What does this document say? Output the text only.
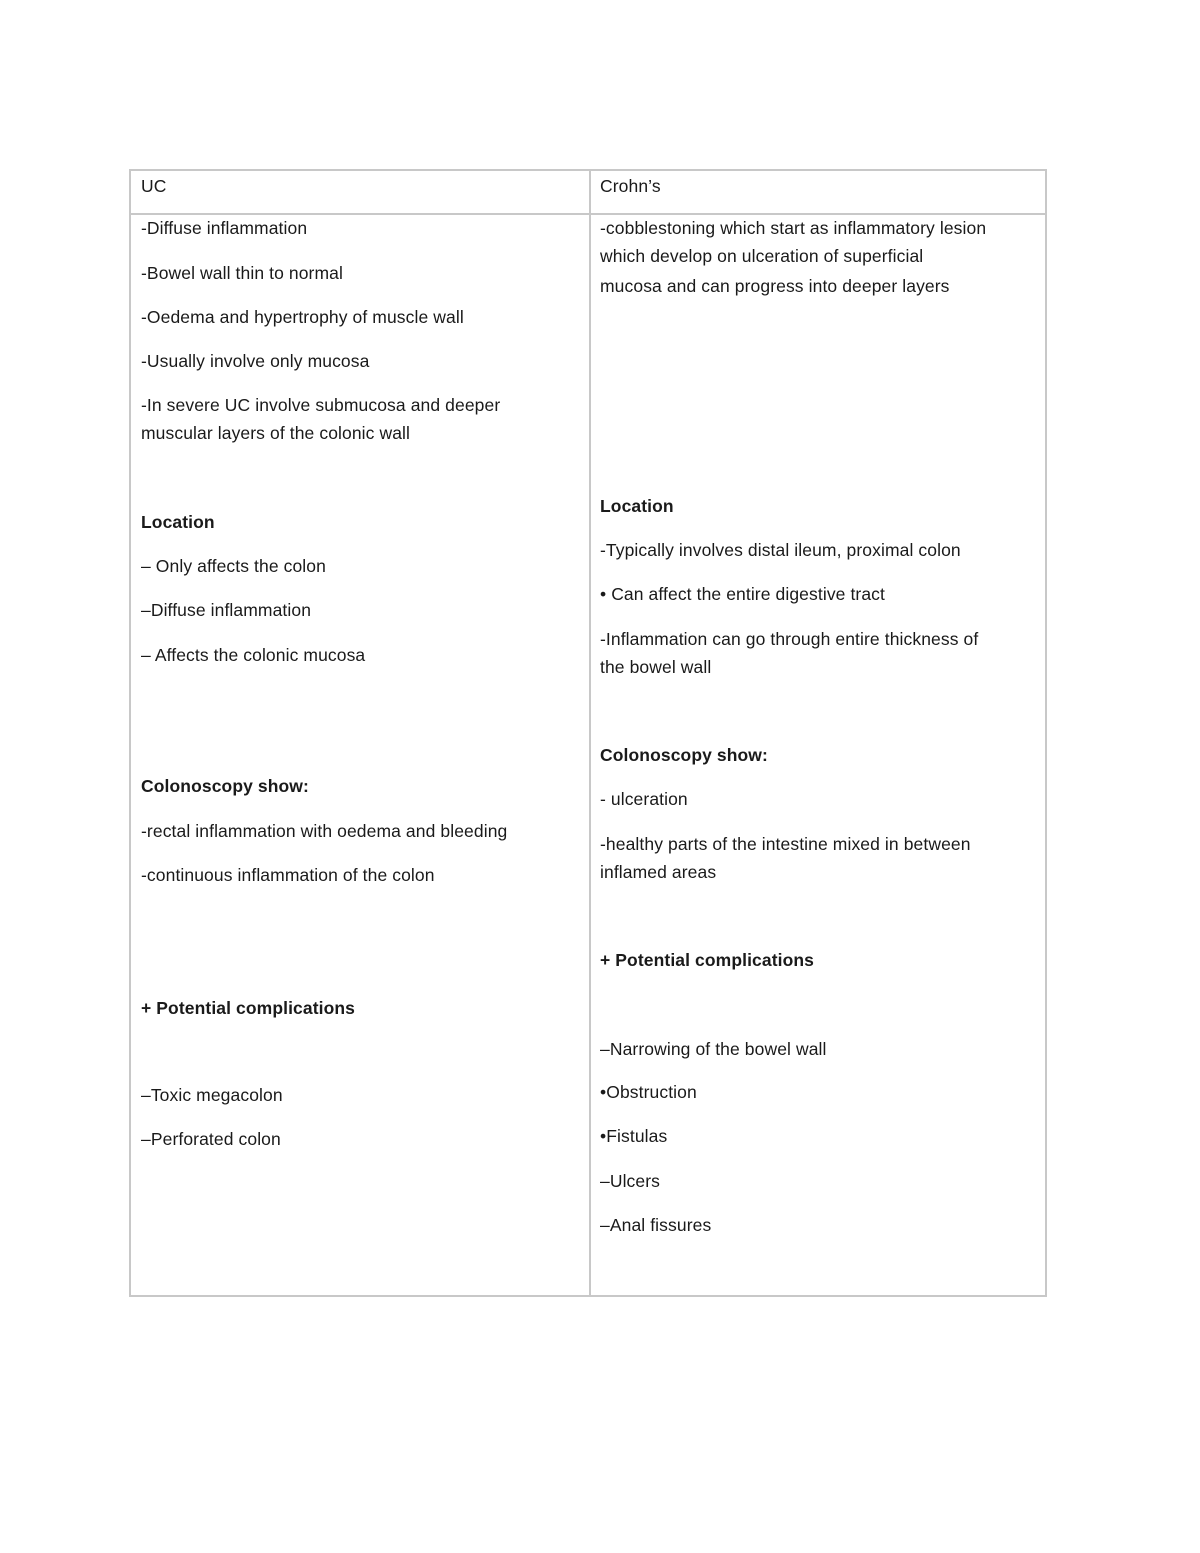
UC	Crohn’s
-Diffuse inflammation
-Bowel wall thin to normal
-Oedema and hypertrophy of muscle wall
-Usually involve only mucosa
-In severe UC involve submucosa and deeper
muscular layers of the colonic wall
Location
– Only affects the colon
–Diffuse inflammation
– Affects the colonic mucosa
Colonoscopy show:
-rectal inflammation with oedema and bleeding
-continuous inflammation of the colon
+ Potential complications
–Toxic megacolon
–Perforated colon
-cobblestoning which start as inflammatory lesion
which develop on ulceration of superficial
mucosa and can progress into deeper layers
Location
-Typically involves distal ileum, proximal colon
• Can affect the entire digestive tract
-Inflammation can go through entire thickness of
the bowel wall
Colonoscopy show:
- ulceration
-healthy parts of the intestine mixed in between
inflamed areas
+ Potential complications
–Narrowing of the bowel wall
•Obstruction
•Fistulas
–Ulcers
–Anal fissures
